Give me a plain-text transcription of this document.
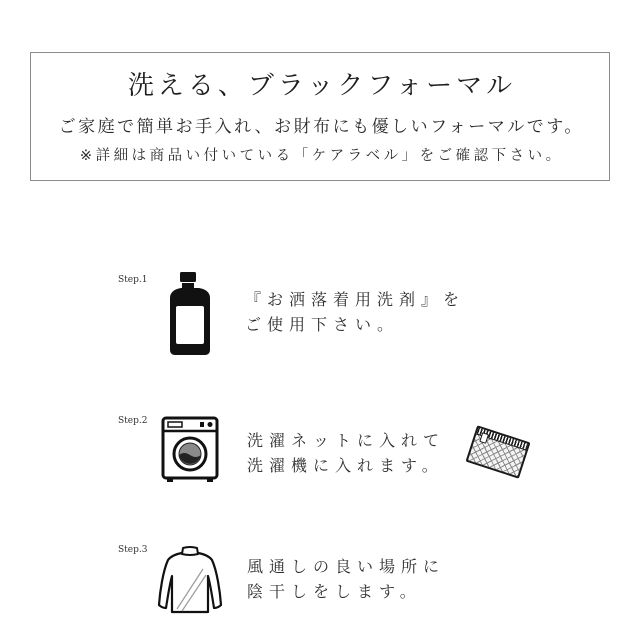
洗える、ブラックフォーマル
ご家庭で簡単お手入れ、お財布にも優しいフォーマルです。
※詳細は商品い付いている「ケアラベル」をご確認下さい。
Step.1
『お洒落着用洗剤』を
ご使用下さい。
Step.2
洗濯ネットに入れて
洗濯機に入れます。
Step.3
風通しの良い場所に
陰干しをします。
